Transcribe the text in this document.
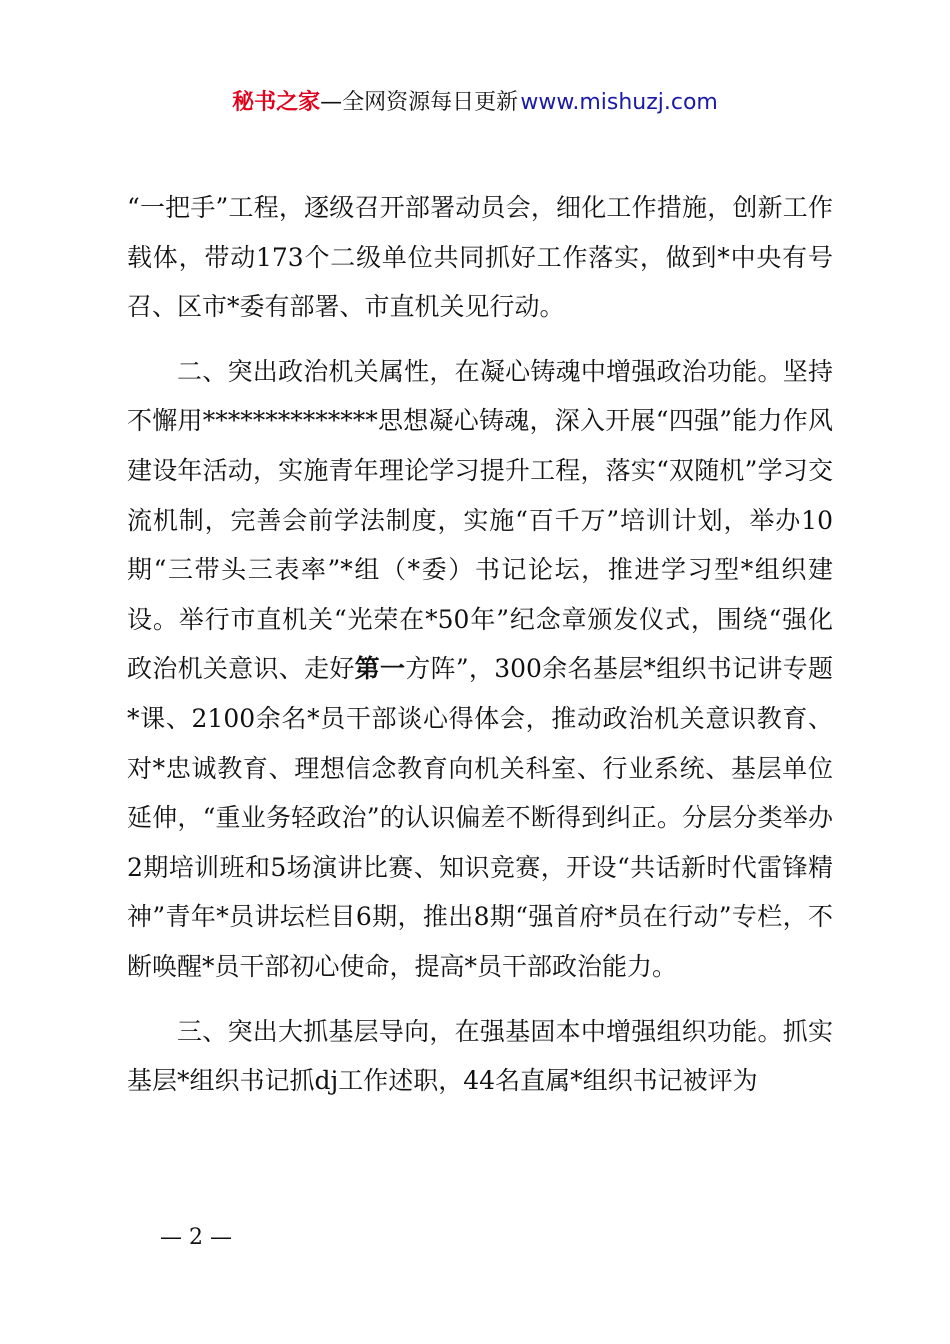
秘书之家—全网资源每日更新  www.mishuzj.com

“一把手”工程，逐级召开部署动员会，细化工作措施，创新工作载体，带动173个二级单位共同抓好工作落实，做到*中央有号召、区市*委有部署、市直机关见行动。

二、突出政治机关属性，在凝心铸魂中增强政治功能。坚持不懈用**************思想凝心铸魂，深入开展“四强”能力作风建设年活动，实施青年理论学习提升工程，落实“双随机”学习交流机制，完善会前学法制度，实施“百千万”培训计划，举办10期“三带头三表率”*组（*委）书记论坛，推进学习型*组织建设。举行市直机关“光荣在*50年”纪念章颁发仪式，围绕“强化政治机关意识、走好第一方阵”，300余名基层*组织书记讲专题*课、2100余名*员干部谈心得体会，推动政治机关意识教育、对*忠诚教育、理想信念教育向机关科室、行业系统、基层单位延伸，“重业务轻政治”的认识偏差不断得到纠正。分层分类举办2期培训班和5场演讲比赛、知识竞赛，开设“共话新时代雷锋精神”青年*员讲坛栏目6期，推出8期“强首府*员在行动”专栏，不断唤醒*员干部初心使命，提高*员干部政治能力。

三、突出大抓基层导向，在强基固本中增强组织功能。抓实基层*组织书记抓dj工作述职，44名直属*组织书记被评为

— 2 —
